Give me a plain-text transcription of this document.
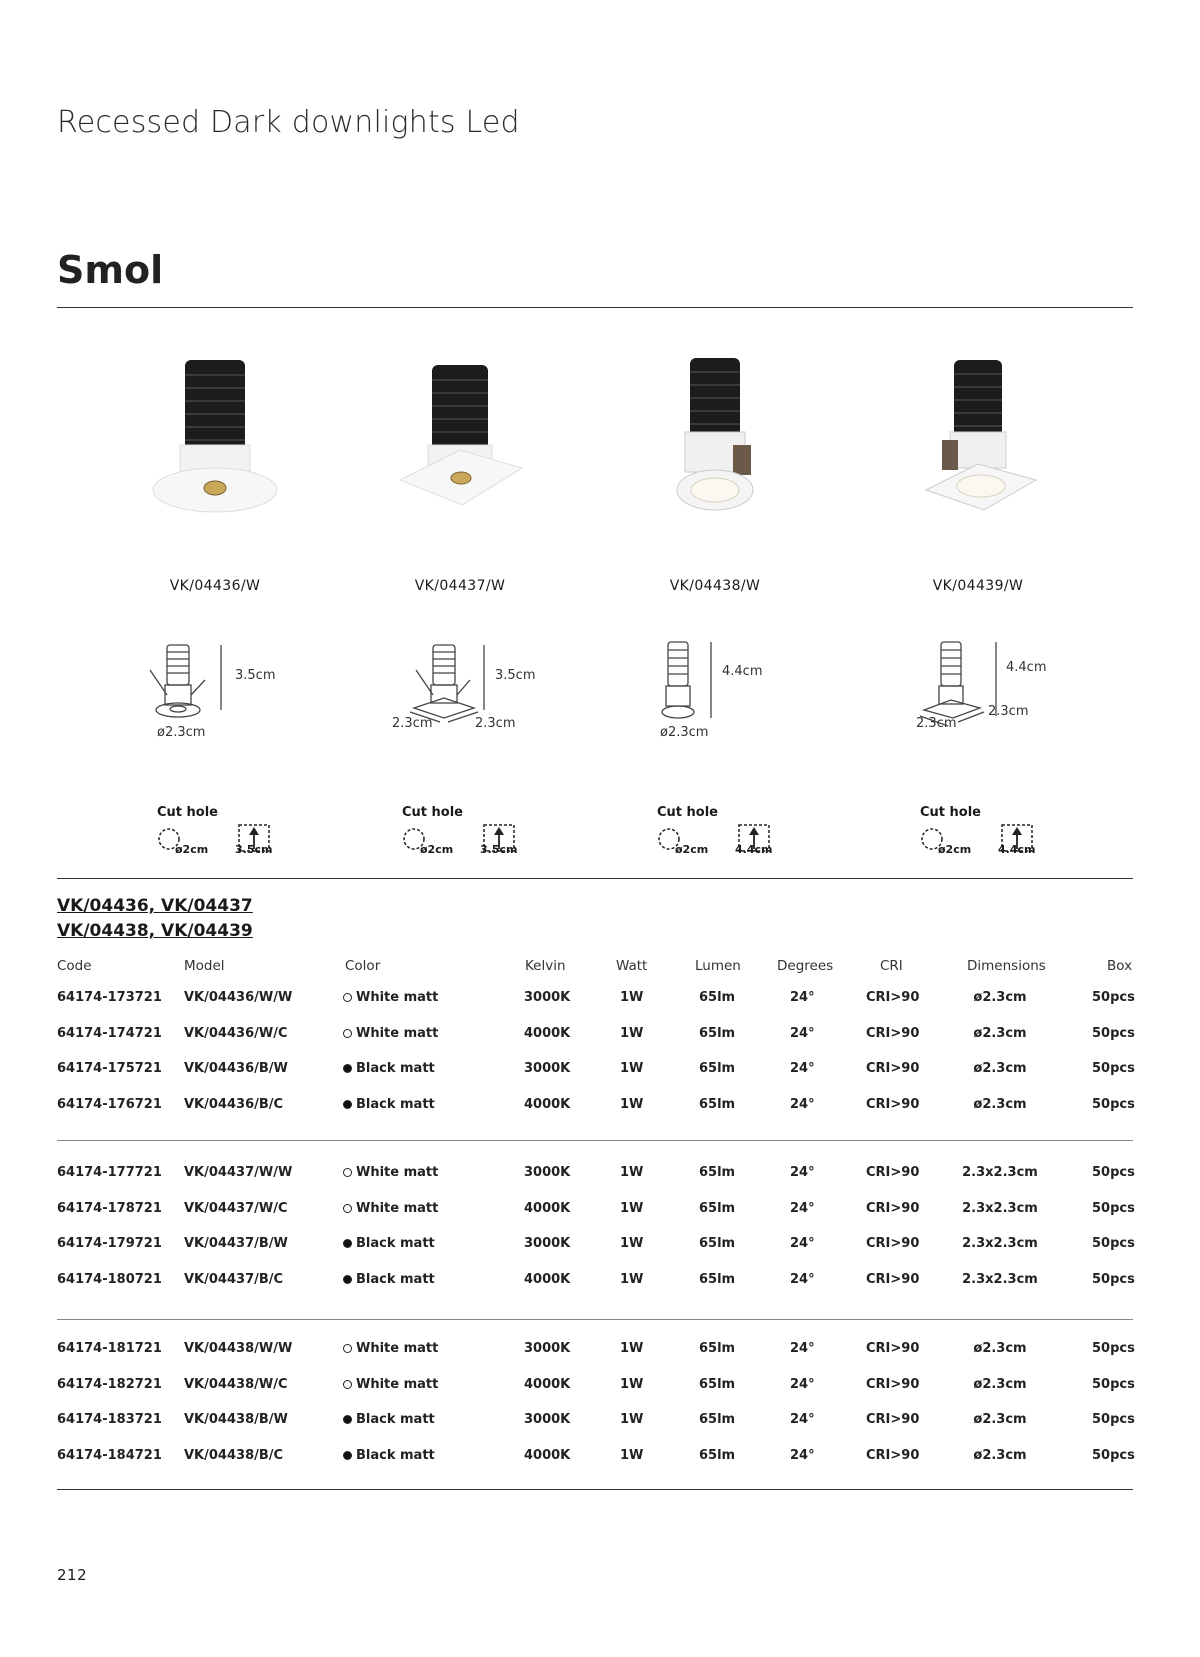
Recessed Dark downlights Led
Smol
VK/04436/W
3.5cm
ø2.3cm
Cut hole
ø2cm 3.5cm
VK/04437/W
3.5cm
2.3cm	2.3cm
Cut hole
ø2cm 3.5cm
VK/04438/W
4.4cm
ø2.3cm
Cut hole
ø2cm 4.4cm
VK/04439/W
4.4cm
2.3cm
2.3cm
Cut hole
ø2cm 4.4cm
VK/04436, VK/04437
VK/04438, VK/04439
Code	Model	Color	Kelvin	Watt	Lumen	Degrees	CRI	Dimensions	Box
64174-173721 VK/04436/W/W	White matt	3000K	1W	65lm	24°	CRI>90	ø2.3cm	50pcs
64174-174721 VK/04436/W/C	White matt	4000K	1W	65lm	24°	CRI>90	ø2.3cm	50pcs
64174-175721 VK/04436/B/W	Black matt	3000K	1W	65lm	24°	CRI>90	ø2.3cm	50pcs
64174-176721 VK/04436/B/C	Black matt	4000K	1W	65lm	24°	CRI>90	ø2.3cm	50pcs
64174-177721 VK/04437/W/W	White matt	3000K	1W	65lm	24°	CRI>90	2.3x2.3cm	50pcs
64174-178721 VK/04437/W/C	White matt	4000K	1W	65lm	24°	CRI>90	2.3x2.3cm	50pcs
64174-179721 VK/04437/B/W	Black matt	3000K	1W	65lm	24°	CRI>90	2.3x2.3cm	50pcs
64174-180721 VK/04437/B/C	Black matt	4000K	1W	65lm	24°	CRI>90	2.3x2.3cm	50pcs
64174-181721 VK/04438/W/W	White matt	3000K	1W	65lm	24°	CRI>90	ø2.3cm	50pcs
64174-182721 VK/04438/W/C	White matt	4000K	1W	65lm	24°	CRI>90	ø2.3cm	50pcs
64174-183721 VK/04438/B/W	Black matt	3000K	1W	65lm	24°	CRI>90	ø2.3cm	50pcs
64174-184721 VK/04438/B/C	Black matt	4000K	1W	65lm	24°	CRI>90	ø2.3cm	50pcs
212
